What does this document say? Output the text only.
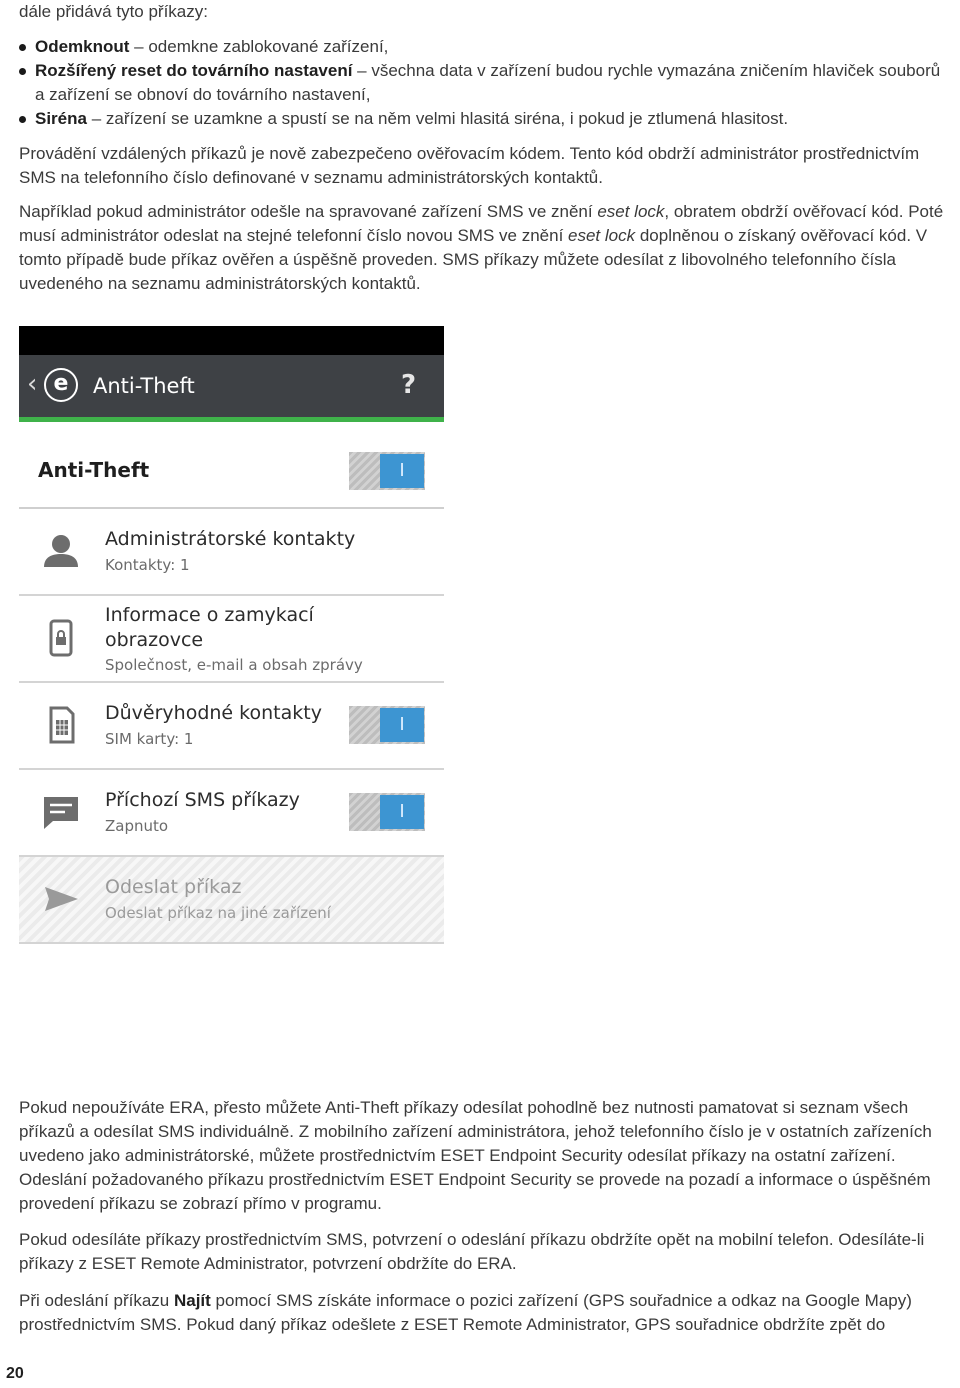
dále přidává tyto příkazy:

Odemknout – odemkne zablokované zařízení,
Rozšířený reset do továrního nastavení – všechna data v zařízení budou rychle vymazána zničením hlaviček souborů a zařízení se obnoví do továrního nastavení,
Siréna – zařízení se uzamkne a spustí se na něm velmi hlasitá siréna, i pokud je ztlumená hlasitost.

Provádění vzdálených příkazů je nově zabezpečeno ověřovacím kódem. Tento kód obdrží administrátor prostřednictvím SMS na telefonního číslo definované v seznamu administrátorských kontaktů.

Například pokud administrátor odešle na spravované zařízení SMS ve znění eset lock, obratem obdrží ověřovací kód. Poté musí administrátor odeslat na stejné telefonní číslo novou SMS ve znění eset lock doplněnou o získaný ověřovací kód. V tomto případě bude příkaz ověřen a úspěšně proveden. SMS příkazy můžete odesílat z libovolného telefonního čísla uvedeného na seznamu administrátorských kontaktů.

‹ e	Anti-Theft	?
Anti-Theft	I
Administrátorské kontakty
Kontakty: 1
Informace o zamykací
obrazovce
Společnost, e-mail a obsah zprávy
Důvěryhodné kontakty
SIM karty: 1
I
Příchozí SMS příkazy
Zapnuto
I
Odeslat příkaz
Odeslat příkaz na jiné zařízení

Pokud nepoužíváte ERA, přesto můžete Anti-Theft příkazy odesílat pohodlně bez nutnosti pamatovat si seznam všech příkazů a odesílat SMS individuálně. Z mobilního zařízení administrátora, jehož telefonního číslo je v ostatních zařízeních uvedeno jako administrátorské, můžete prostřednictvím ESET Endpoint Security odesílat příkazy na ostatní zařízení. Odeslání požadovaného příkazu prostřednictvím ESET Endpoint Security se provede na pozadí a informace o úspěšném provedení příkazu se zobrazí přímo v programu.

Pokud odesíláte příkazy prostřednictvím SMS, potvrzení o odeslání příkazu obdržíte opět na mobilní telefon. Odesíláte-li příkazy z ESET Remote Administrator, potvrzení obdržíte do ERA.

Při odeslání příkazu Najít pomocí SMS získáte informace o pozici zařízení (GPS souřadnice a odkaz na Google Mapy) prostřednictvím SMS. Pokud daný příkaz odešlete z ESET Remote Administrator, GPS souřadnice obdržíte zpět do

20
